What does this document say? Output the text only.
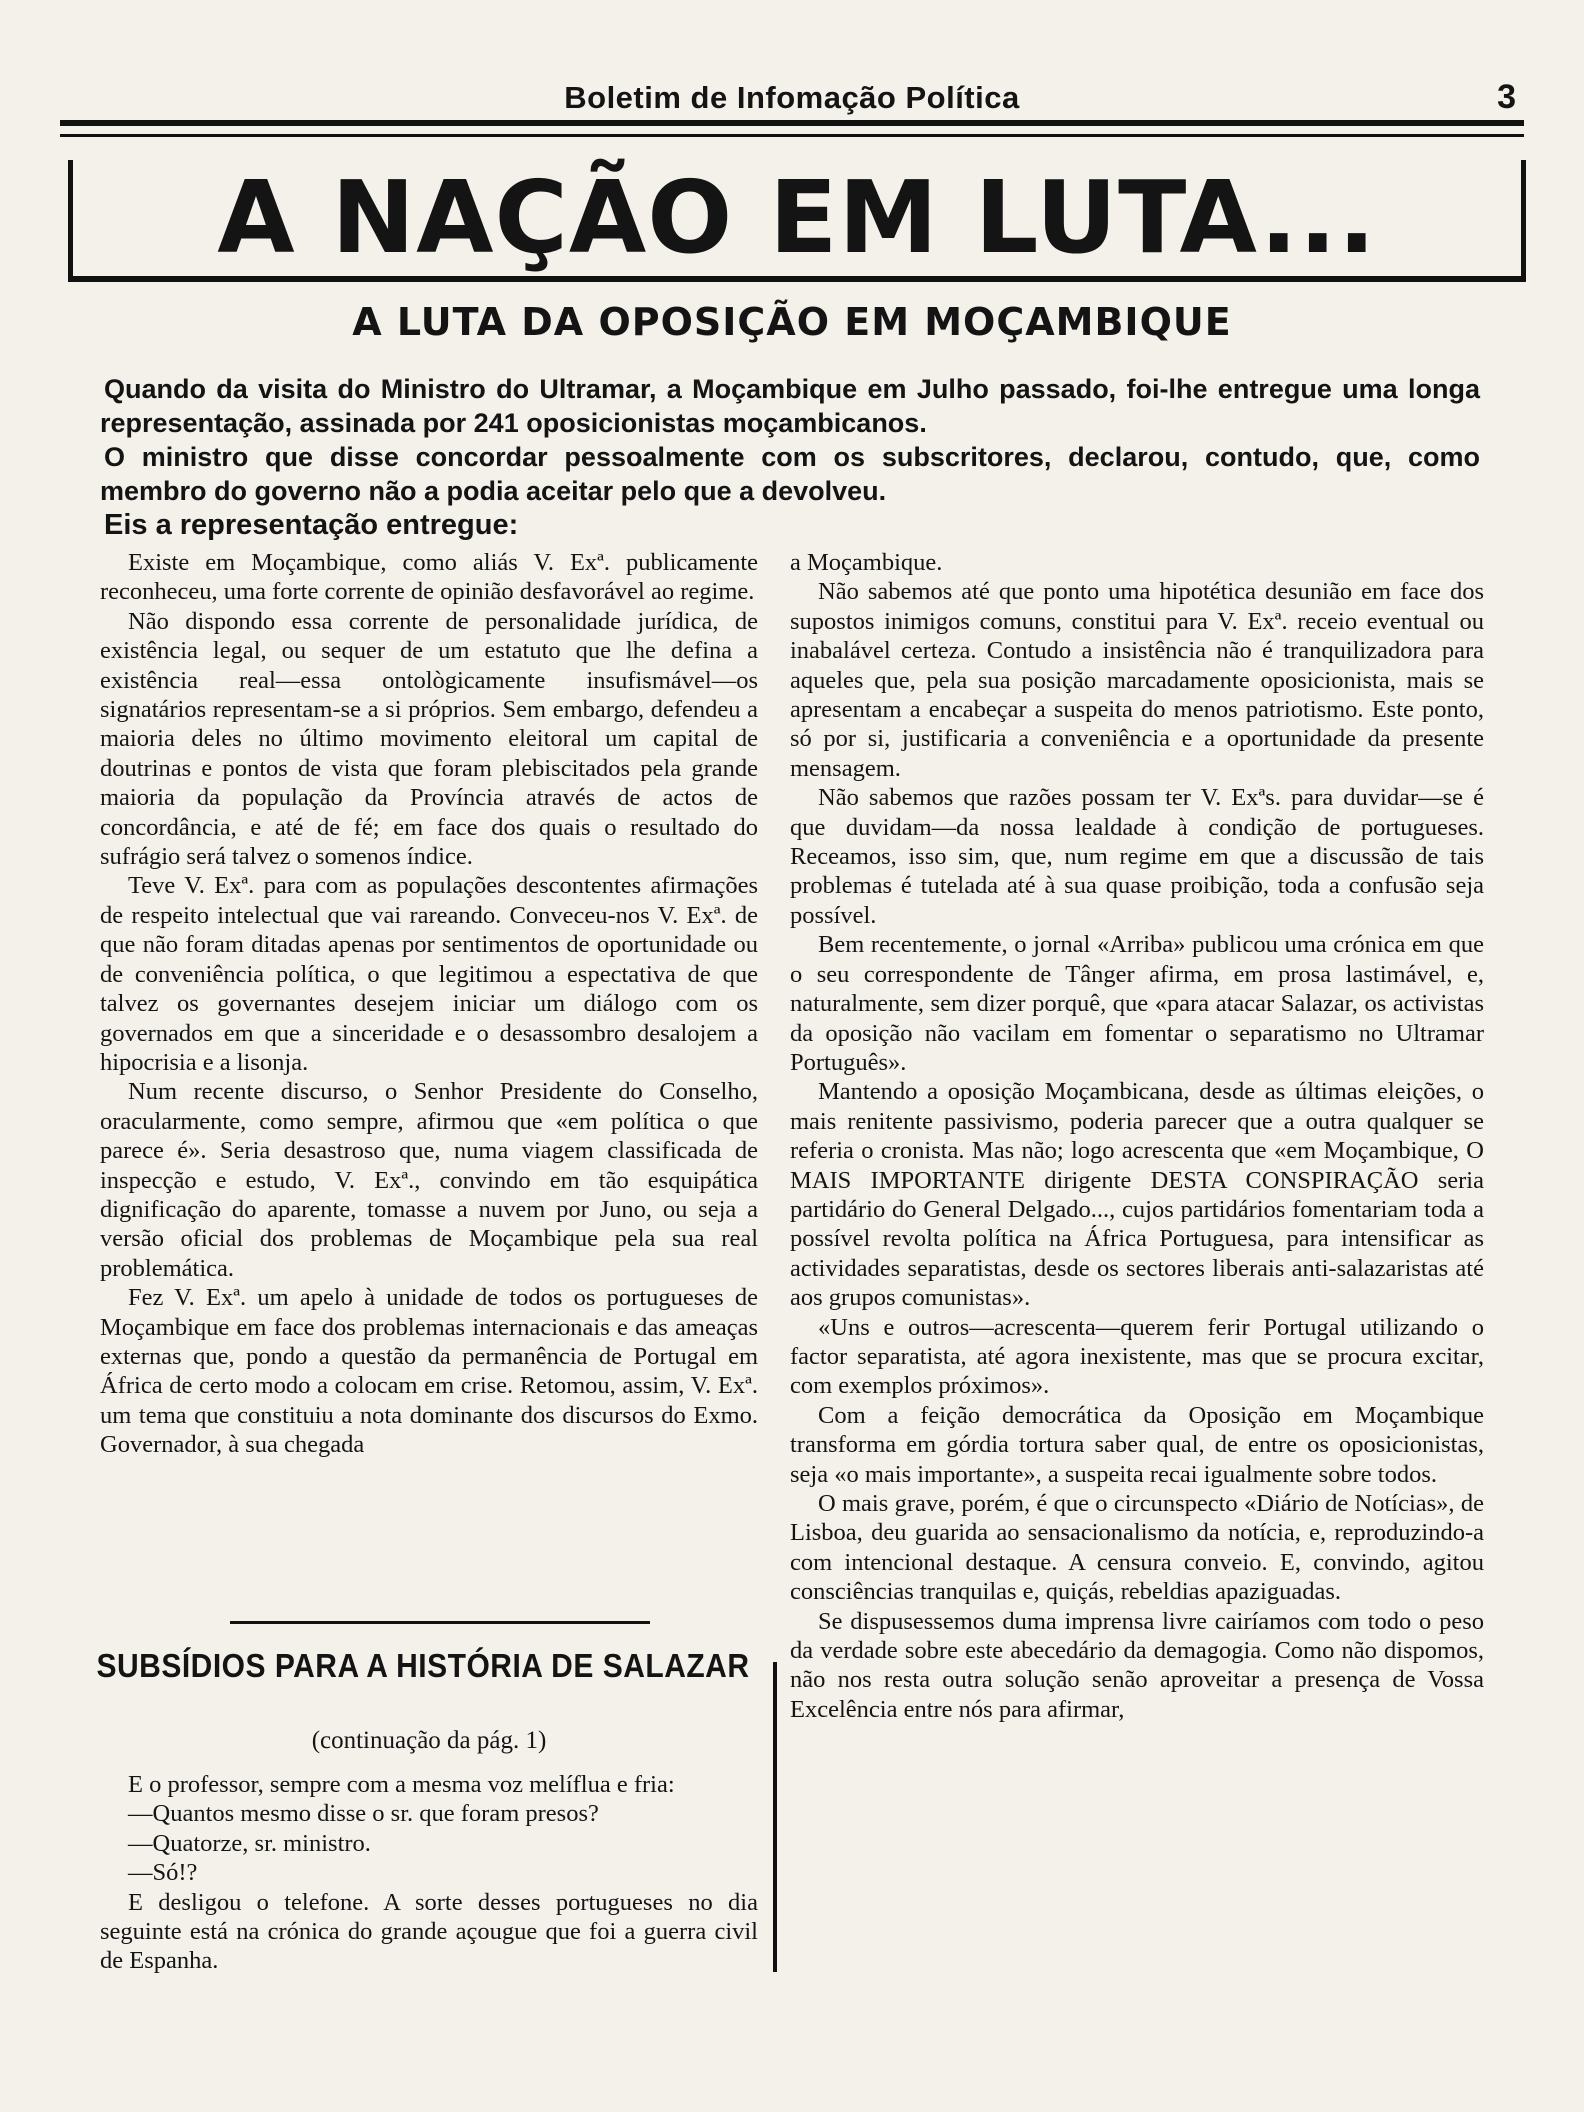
Boletim de Infomação Política	3
A NAÇÃO EM LUTA...
A LUTA DA OPOSIÇÃO EM MOÇAMBIQUE

Quando da visita do Ministro do Ultramar, a Moçambique em Julho passado, foi-lhe entregue uma longa representação, assinada por 241 oposicionistas moçambicanos.

O ministro que disse concordar pessoalmente com os subscritores, declarou, contudo, que, como membro do governo não a podia aceitar pelo que a devolveu.

Eis a representação entregue:

Existe em Moçambique, como aliás V. Exª. publicamente reconheceu, uma forte corrente de opinião desfavorável ao regime.

Não dispondo essa corrente de personalidade jurídica, de existência legal, ou sequer de um estatuto que lhe defina a existência real—essa ontològicamente insufismável—os signatários representam-se a si próprios. Sem embargo, defendeu a maioria deles no último movimento eleitoral um capital de doutrinas e pontos de vista que foram plebiscitados pela grande maioria da população da Província através de actos de concordância, e até de fé; em face dos quais o resultado do sufrágio será talvez o somenos índice.

Teve V. Exª. para com as populações descontentes afirmações de respeito intelectual que vai rareando. Conveceu-nos V. Exª. de que não foram ditadas apenas por sentimentos de oportunidade ou de conveniência política, o que legitimou a espectativa de que talvez os governantes desejem iniciar um diálogo com os governados em que a sinceridade e o desassombro desalojem a hipocrisia e a lisonja.

Num recente discurso, o Senhor Presidente do Conselho, oracularmente, como sempre, afirmou que «em política o que parece é». Seria desastroso que, numa viagem classificada de inspecção e estudo, V. Exª., convindo em tão esquipática dignificação do aparente, tomasse a nuvem por Juno, ou seja a versão oficial dos problemas de Moçambique pela sua real problemática.

Fez V. Exª. um apelo à unidade de todos os portugueses de Moçambique em face dos problemas internacionais e das ameaças externas que, pondo a questão da permanência de Portugal em África de certo modo a colocam em crise. Retomou, assim, V. Exª. um tema que constituiu a nota dominante dos discursos do Exmo. Governador, à sua chegada

a Moçambique.

Não sabemos até que ponto uma hipotética desunião em face dos supostos inimigos comuns, constitui para V. Exª. receio eventual ou inabalável certeza. Contudo a insistência não é tranquilizadora para aqueles que, pela sua posição marcadamente oposicionista, mais se apresentam a encabeçar a suspeita do menos patriotismo. Este ponto, só por si, justificaria a conveniência e a oportunidade da presente mensagem.

Não sabemos que razões possam ter V. Exªs. para duvidar—se é que duvidam—da nossa lealdade à condição de portugueses. Receamos, isso sim, que, num regime em que a discussão de tais problemas é tutelada até à sua quase proibição, toda a confusão seja possível.

Bem recentemente, o jornal «Arriba» publicou uma crónica em que o seu correspondente de Tânger afirma, em prosa lastimável, e, naturalmente, sem dizer porquê, que «para atacar Salazar, os activistas da oposição não vacilam em fomentar o separatismo no Ultramar Português».

Mantendo a oposição Moçambicana, desde as últimas eleições, o mais renitente passivismo, poderia parecer que a outra qualquer se referia o cronista. Mas não; logo acrescenta que «em Moçambique, O MAIS IMPORTANTE dirigente DESTA CONSPIRAÇÃO seria partidário do General Delgado..., cujos partidários fomentariam toda a possível revolta política na África Portuguesa, para intensificar as actividades separatistas, desde os sectores liberais anti-salazaristas até aos grupos comunistas».

«Uns e outros—acrescenta—querem ferir Portugal utilizando o factor separatista, até agora inexistente, mas que se procura excitar, com exemplos próximos».

Com a feição democrática da Oposição em Moçambique transforma em górdia tortura saber qual, de entre os oposicionistas, seja «o mais importante», a suspeita recai igualmente sobre todos.

O mais grave, porém, é que o circunspecto «Diário de Notícias», de Lisboa, deu guarida ao sensacionalismo da notícia, e, reproduzindo-a com intencional destaque. A censura conveio. E, convindo, agitou consciências tranquilas e, quiçás, rebeldias apaziguadas.

Se dispusessemos duma imprensa livre cairíamos com todo o peso da verdade sobre este abecedário da demagogia. Como não dispomos, não nos resta outra solução senão aproveitar a presença de Vossa Excelência entre nós para afirmar,

SUBSÍDIOS PARA A HISTÓRIA DE SALAZAR
(continuação da pág. 1)

E o professor, sempre com a mesma voz melíflua e fria:

—Quantos mesmo disse o sr. que foram presos?

—Quatorze, sr. ministro.

—Só!?

E desligou o telefone. A sorte desses portugueses no dia seguinte está na crónica do grande açougue que foi a guerra civil de Espanha.
